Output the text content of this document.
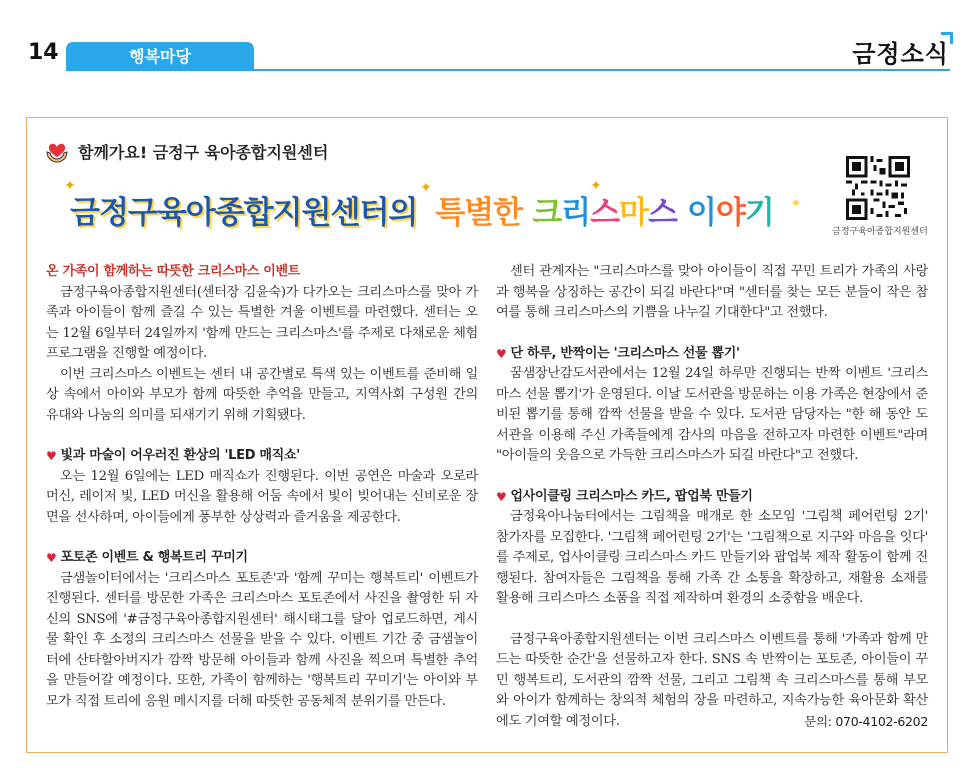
14	행복마당	금정소식
함께가요! 금정구 육아종합지원센터
✦	✦	✦
✦
금정구육아종합지원센터의 특별한 크리스마스 이야기
금정구육아종합지원센터
온 가족이 함께하는 따뜻한 크리스마스 이벤트

금정구육아종합지원센터(센터장 김윤숙)가 다가오는 크리스마스를 맞아 가족과 아이들이 함께 즐길 수 있는 특별한 겨울 이벤트를 마련했다. 센터는 오는 12월 6일부터 24일까지 '함께 만드는 크리스마스'를 주제로 다채로운 체험 프로그램을 진행할 예정이다.

이번 크리스마스 이벤트는 센터 내 공간별로 특색 있는 이벤트를 준비해 일상 속에서 아이와 부모가 함께 따뜻한 추억을 만들고, 지역사회 구성원 간의 유대와 나눔의 의미를 되새기기 위해 기획됐다.

♥ 빛과 마술이 어우러진 환상의 'LED 매직쇼'

오는 12월 6일에는 LED 매직쇼가 진행된다. 이번 공연은 마술과 오로라 머신, 레이저 빛, LED 머신을 활용해 어둠 속에서 빛이 빚어내는 신비로운 장면을 선사하며, 아이들에게 풍부한 상상력과 즐거움을 제공한다.

♥ 포토존 이벤트 & 행복트리 꾸미기

금샘놀이터에서는 '크리스마스 포토존'과 '함께 꾸미는 행복트리' 이벤트가 진행된다. 센터를 방문한 가족은 크리스마스 포토존에서 사진을 촬영한 뒤 자신의 SNS에 '#금정구육아종합지원센터' 해시태그를 달아 업로드하면, 게시물 확인 후 소정의 크리스마스 선물을 받을 수 있다. 이벤트 기간 중 금샘놀이터에 산타할아버지가 깜짝 방문해 아이들과 함께 사진을 찍으며 특별한 추억을 만들어갈 예정이다. 또한, 가족이 함께하는 '행복트리 꾸미기'는 아이와 부모가 직접 트리에 응원 메시지를 더해 따뜻한 공동체적 분위기를 만든다.

센터 관계자는 "크리스마스를 맞아 아이들이 직접 꾸민 트리가 가족의 사랑과 행복을 상징하는 공간이 되길 바란다"며 "센터를 찾는 모든 분들이 작은 참여를 통해 크리스마스의 기쁨을 나누길 기대한다"고 전했다.

♥ 단 하루, 반짝이는 '크리스마스 선물 뽑기'

꿈샘장난감도서관에서는 12월 24일 하루만 진행되는 반짝 이벤트 '크리스마스 선물 뽑기'가 운영된다. 이날 도서관을 방문하는 이용 가족은 현장에서 준비된 뽑기를 통해 깜짝 선물을 받을 수 있다. 도서관 담당자는 "한 해 동안 도서관을 이용해 주신 가족들에게 감사의 마음을 전하고자 마련한 이벤트"라며 "아이들의 웃음으로 가득한 크리스마스가 되길 바란다"고 전했다.

♥ 업사이클링 크리스마스 카드, 팝업북 만들기

금정육아나눔터에서는 그림책을 매개로 한 소모임 '그림책 페어런팅 2기' 참가자를 모집한다. '그림책 페어런팅 2기'는 '그림책으로 지구와 마음을 잇다' 를 주제로, 업사이클링 크리스마스 카드 만들기와 팝업북 제작 활동이 함께 진행된다. 참여자들은 그림책을 통해 가족 간 소통을 확장하고, 재활용 소재를 활용해 크리스마스 소품을 직접 제작하며 환경의 소중함을 배운다.

금정구육아종합지원센터는 이번 크리스마스 이벤트를 통해 '가족과 함께 만드는 따뜻한 순간'을 선물하고자 한다. SNS 속 반짝이는 포토존, 아이들이 꾸민 행복트리, 도서관의 깜짝 선물, 그리고 그림책 속 크리스마스를 통해 부모와 아이가 함께하는 창의적 체험의 장을 마련하고, 지속가능한 육아문화 확산에도 기여할 예정이다.	문의: 070-4102-6202
